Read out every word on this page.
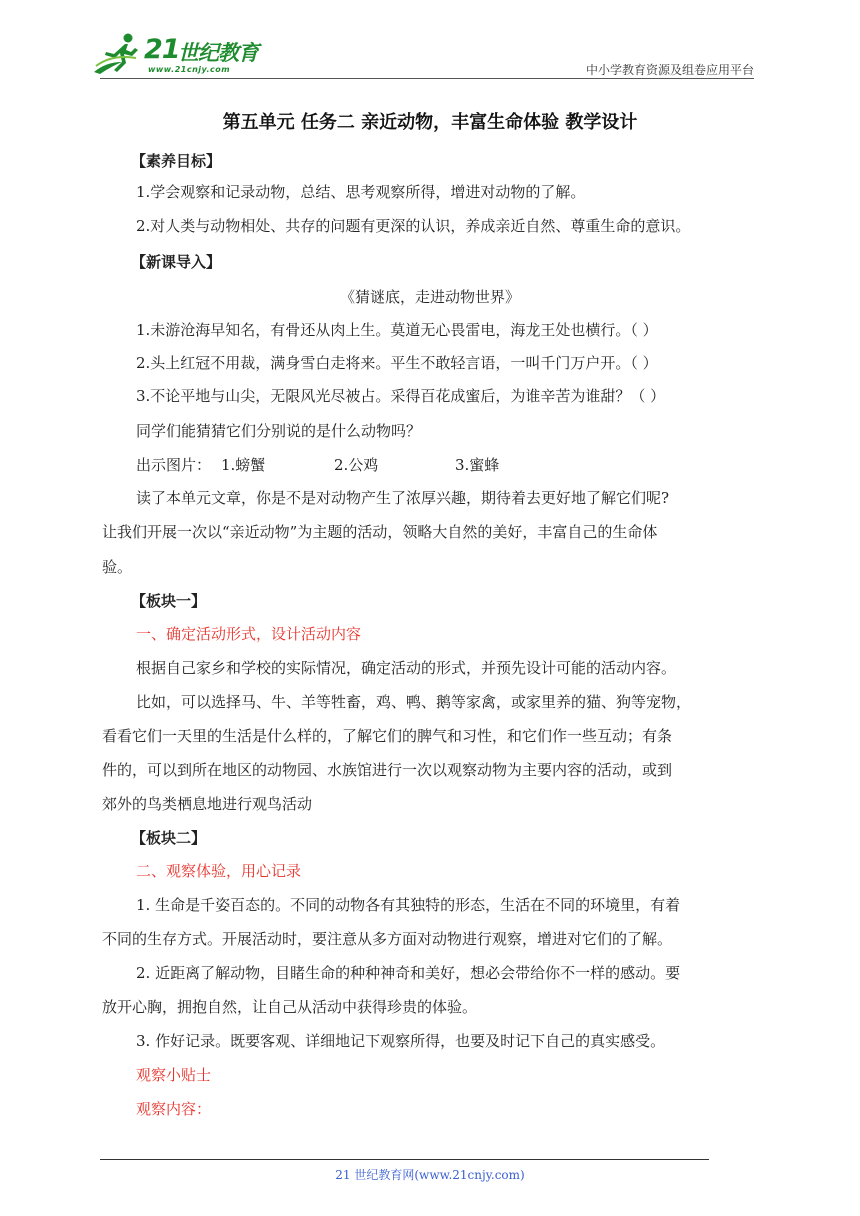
21
世纪教育
www.21cnjy.com	中小学教育资源及组卷应用平台
第五单元 任务二 亲近动物，丰富生命体验 教学设计
【素养目标】
1.学会观察和记录动物，总结、思考观察所得，增进对动物的了解。
2.对人类与动物相处、共存的问题有更深的认识，养成亲近自然、尊重生命的意识。
【新课导入】
《猜谜底，走进动物世界》
1.未游沧海早知名，有骨还从肉上生。莫道无心畏雷电，海龙王处也横行。（ ）
2.头上红冠不用裁，满身雪白走将来。平生不敢轻言语，一叫千门万户开。（ ）
3.不论平地与山尖，无限风光尽被占。采得百花成蜜后，为谁辛苦为谁甜？（ ）
同学们能猜猜它们分别说的是什么动物吗？
出示图片： 1.螃蟹	2.公鸡	3.蜜蜂
读了本单元文章，你是不是对动物产生了浓厚兴趣，期待着去更好地了解它们呢?
让我们开展一次以“亲近动物”为主题的活动，领略大自然的美好，丰富自己的生命体
验。
【板块一】
一、确定活动形式，设计活动内容
根据自己家乡和学校的实际情况，确定活动的形式，并预先设计可能的活动内容。
比如，可以选择马、牛、羊等牲畜，鸡、鸭、鹅等家禽，或家里养的猫、狗等宠物，
看看它们一天里的生活是什么样的，了解它们的脾气和习性，和它们作一些互动；有条
件的，可以到所在地区的动物园、水族馆进行一次以观察动物为主要内容的活动，或到
郊外的鸟类栖息地进行观鸟活动
【板块二】
二、观察体验，用心记录
1. 生命是千姿百态的。不同的动物各有其独特的形态，生活在不同的环境里，有着
不同的生存方式。开展活动时，要注意从多方面对动物进行观察，增进对它们的了解。
2. 近距离了解动物，目睹生命的种种神奇和美好，想必会带给你不一样的感动。要
放开心胸，拥抱自然，让自己从活动中获得珍贵的体验。
3. 作好记录。既要客观、详细地记下观察所得，也要及时记下自己的真实感受。
观察小贴士
观察内容：
21 世纪教育网(www.21cnjy.com)
